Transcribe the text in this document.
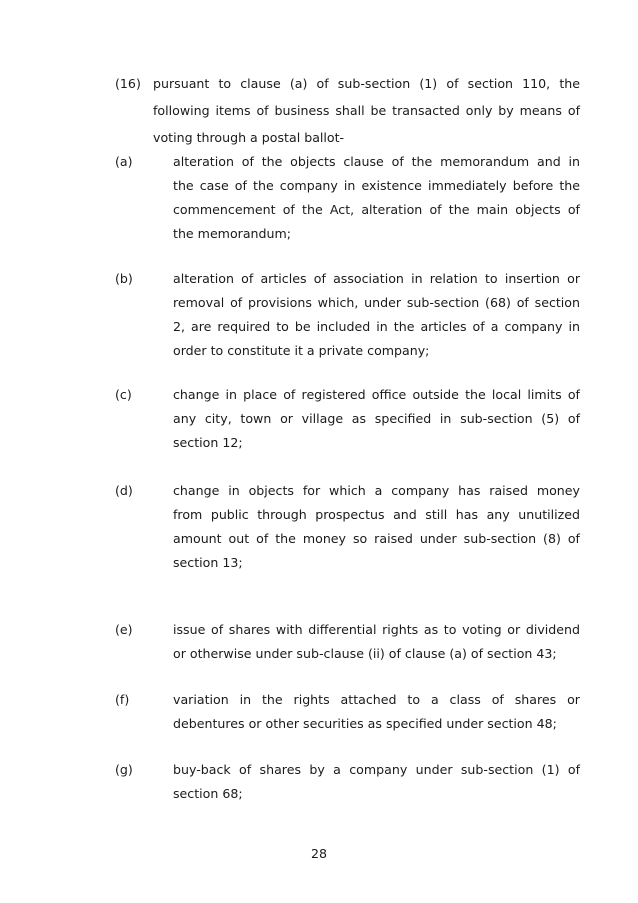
(16) pursuant to clause (a) of sub-section (1) of section 110, the
following items of business shall be transacted only by means of
voting through a postal ballot-
(a)	alteration of the objects clause of the memorandum and in
the case of the company in existence immediately before the
commencement of the Act, alteration of the main objects of
the memorandum;
(b)	alteration of articles of association in relation to insertion or
removal of provisions which, under sub-section (68) of section
2, are required to be included in the articles of a company in
order to constitute it a private company;
(c)	change in place of registered office outside the local limits of
any city, town or village as specified in sub-section (5) of
section 12;
(d)	change in objects for which a company has raised money
from public through prospectus and still has any unutilized
amount out of the money so raised under sub-section (8) of
section 13;
(e)	issue of shares with differential rights as to voting or dividend
or otherwise under sub-clause (ii) of clause (a) of section 43;
(f)	variation in the rights attached to a class of shares or
debentures or other securities as specified under section 48;
(g)	buy-back of shares by a company under sub-section (1) of
section 68;
28
